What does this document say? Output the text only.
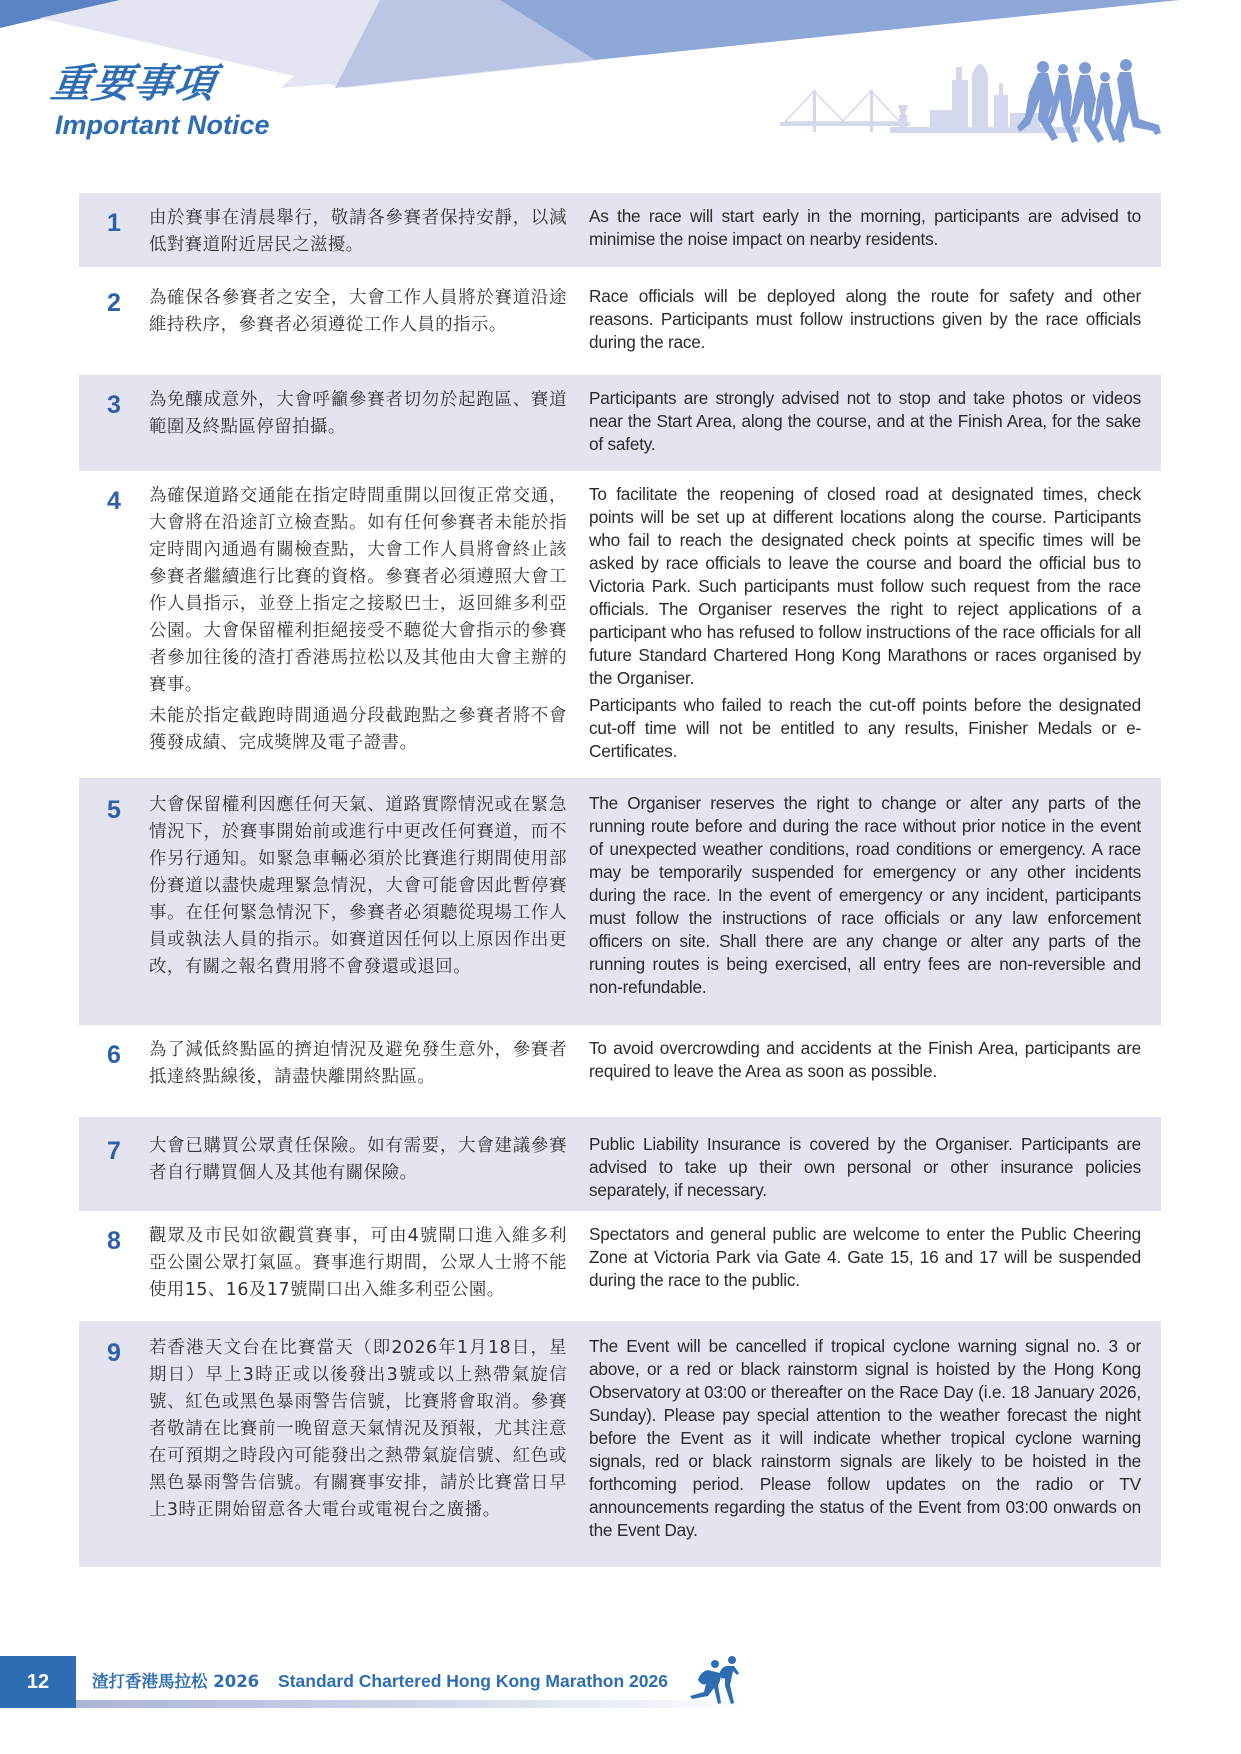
重要事項
Important Notice
1	由於賽事在清晨舉行，敬請各參賽者保持安靜，以減低對賽道附近居民之滋擾。

As the race will start early in the morning, participants are advised to minimise the noise impact on nearby residents.

2	為確保各參賽者之安全，大會工作人員將於賽道沿途維持秩序，參賽者必須遵從工作人員的指示。

Race officials will be deployed along the route for safety and other reasons. Participants must follow instructions given by the race officials during the race.

3	為免釀成意外，大會呼籲參賽者切勿於起跑區、賽道範圍及終點區停留拍攝。

Participants are strongly advised not to stop and take photos or videos near the Start Area, along the course, and at the Finish Area, for the sake of safety.

4	為確保道路交通能在指定時間重開以回復正常交通，大會將在沿途訂立檢查點。如有任何參賽者未能於指定時間內通過有關檢查點，大會工作人員將會終止該參賽者繼續進行比賽的資格。參賽者必須遵照大會工作人員指示，並登上指定之接駁巴士，返回維多利亞公園。大會保留權利拒絕接受不聽從大會指示的參賽者參加往後的渣打香港馬拉松以及其他由大會主辦的賽事。

未能於指定截跑時間通過分段截跑點之參賽者將不會獲發成績、完成獎牌及電子證書。

To facilitate the reopening of closed road at designated times, check points will be set up at different locations along the course. Participants who fail to reach the designated check points at specific times will be asked by race officials to leave the course and board the official bus to Victoria Park. Such participants must follow such request from the race officials. The Organiser reserves the right to reject applications of a participant who has refused to follow instructions of the race officials for all future Standard Chartered Hong Kong Marathons or races organised by the Organiser.

Participants who failed to reach the cut-off points before the designated cut-off time will not be entitled to any results, Finisher Medals or e-Certificates.

5	大會保留權利因應任何天氣、道路實際情況或在緊急情況下，於賽事開始前或進行中更改任何賽道，而不作另行通知。如緊急車輛必須於比賽進行期間使用部份賽道以盡快處理緊急情況，大會可能會因此暫停賽事。在任何緊急情況下，參賽者必須聽從現場工作人員或執法人員的指示。如賽道因任何以上原因作出更改，有關之報名費用將不會發還或退回。

The Organiser reserves the right to change or alter any parts of the running route before and during the race without prior notice in the event of unexpected weather conditions, road conditions or emergency. A race may be temporarily suspended for emergency or any other incidents during the race. In the event of emergency or any incident, participants must follow the instructions of race officials or any law enforcement officers on site. Shall there are any change or alter any parts of the running routes is being exercised, all entry fees are non-reversible and non-refundable.

6	為了減低終點區的擠迫情況及避免發生意外，參賽者抵達終點線後，請盡快離開終點區。

To avoid overcrowding and accidents at the Finish Area, participants are required to leave the Area as soon as possible.

7	大會已購買公眾責任保險。如有需要，大會建議參賽者自行購買個人及其他有關保險。

Public Liability Insurance is covered by the Organiser. Participants are advised to take up their own personal or other insurance policies separately, if necessary.

8	觀眾及市民如欲觀賞賽事，可由4號閘口進入維多利亞公園公眾打氣區。賽事進行期間，公眾人士將不能使用15、16及17號閘口出入維多利亞公園。

Spectators and general public are welcome to enter the Public Cheering Zone at Victoria Park via Gate 4. Gate 15, 16 and 17 will be suspended during the race to the public.

9	若香港天文台在比賽當天（即2026年1月18日，星期日）早上3時正或以後發出3號或以上熱帶氣旋信號、紅色或黑色暴雨警告信號，比賽將會取消。參賽者敬請在比賽前一晚留意天氣情況及預報，尤其注意在可預期之時段內可能發出之熱帶氣旋信號、紅色或黑色暴雨警告信號。有關賽事安排，請於比賽當日早上3時正開始留意各大電台或電視台之廣播。

The Event will be cancelled if tropical cyclone warning signal no. 3 or above, or a red or black rainstorm signal is hoisted by the Hong Kong Observatory at 03:00 or thereafter on the Race Day (i.e. 18 January 2026, Sunday). Please pay special attention to the weather forecast the night before the Event as it will indicate whether tropical cyclone warning signals, red or black rainstorm signals are likely to be hoisted in the forthcoming period. Please follow updates on the radio or TV announcements regarding the status of the Event from 03:00 onwards on the Event Day.

12	渣打香港馬拉松 2026 Standard Chartered Hong Kong Marathon 2026
